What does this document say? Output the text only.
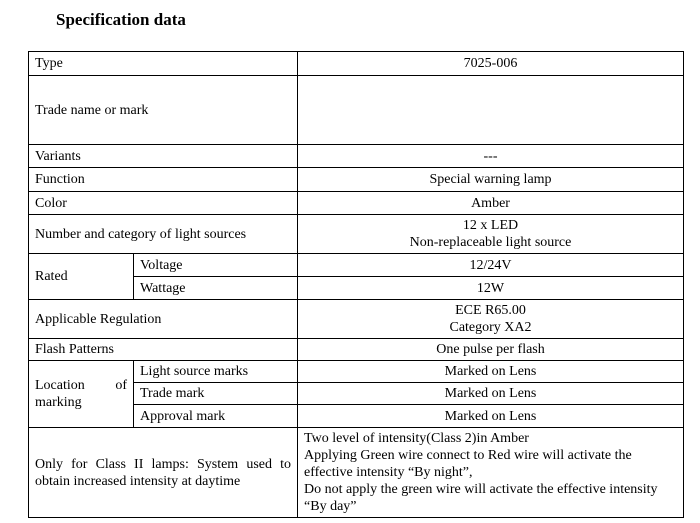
Specification data
Type		7025-006
Trade name or mark		
Variants		---
Function		Special warning lamp
Color		Amber
Number and category of light sources		12 x LED
Non-replaceable light source

Rated	Voltage	12/24V
	Wattage	12W
Applicable Regulation		ECE R65.00
Category XA2

Flash Patterns		One pulse per flash

Location of
marking	Light source marks	Marked on Lens
	Trade mark	Marked on Lens
	Approval mark	Marked on Lens

Only for Class II lamps: System used to
obtain increased intensity at daytime		Two level of intensity(Class 2)in Amber
Applying Green wire connect to Red wire will activate the effective intensity “By night”,
Do not apply the green wire will activate the effective intensity “By day”
